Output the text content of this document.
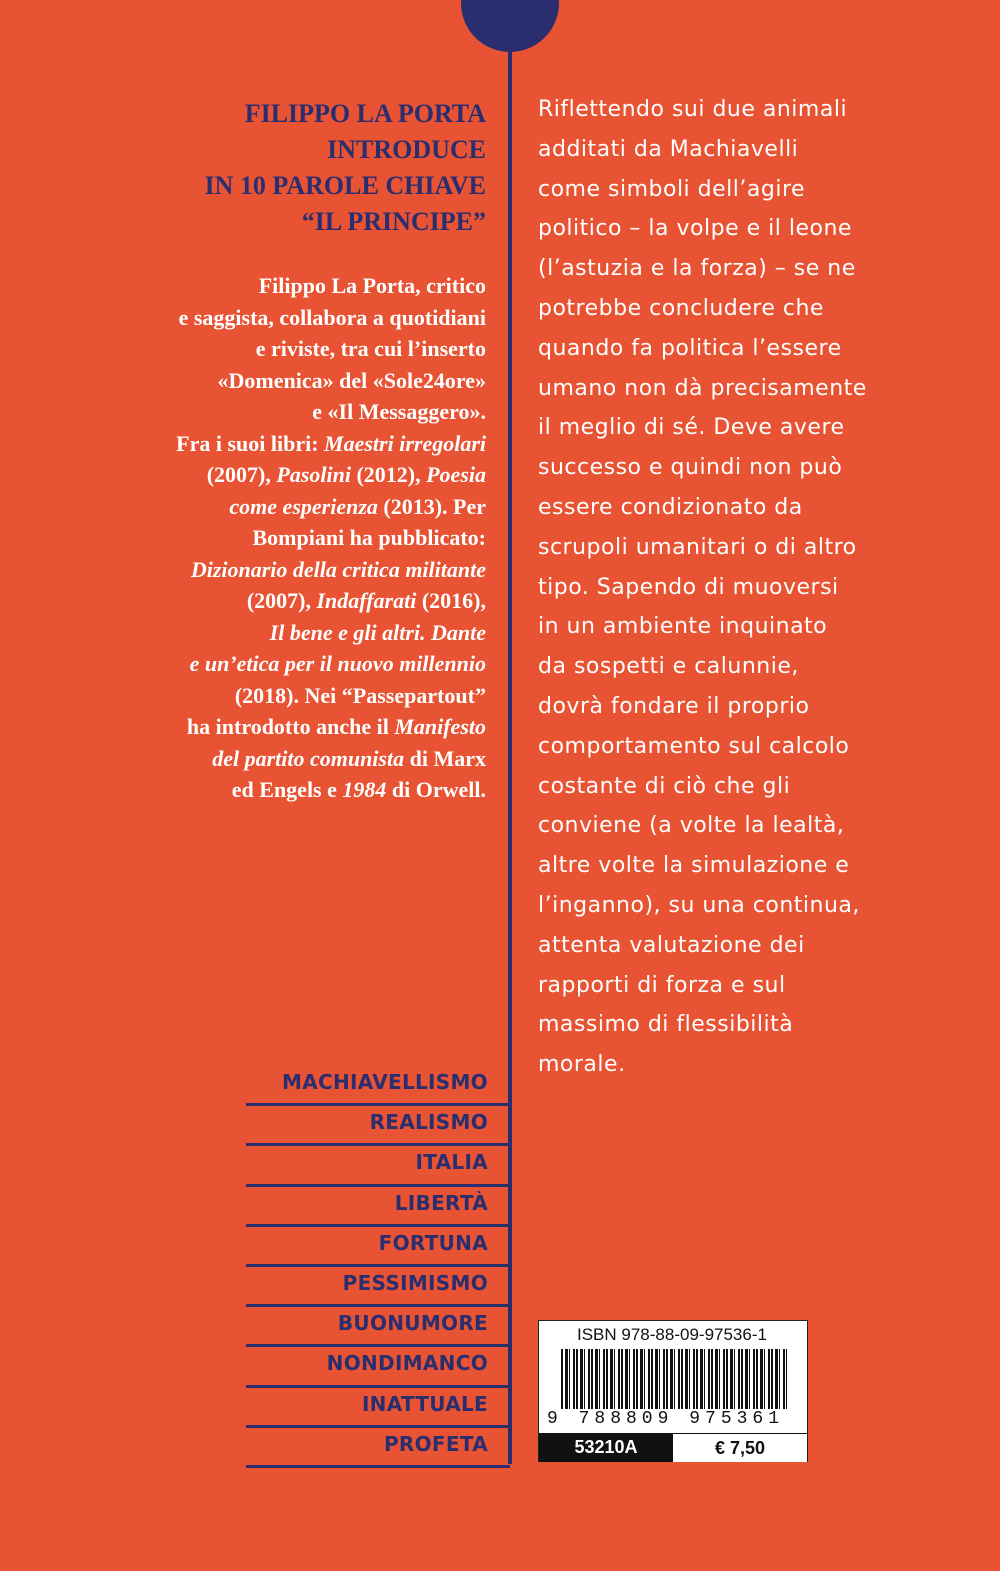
FILIPPO LA PORTA
INTRODUCE
IN 10 PAROLE CHIAVE
“IL PRINCIPE”
Filippo La Porta, critico
e saggista, collabora a quotidiani
e riviste, tra cui l’inserto
«Domenica» del «Sole24ore»
e «Il Messaggero».
Fra i suoi libri: Maestri irregolari
(2007), Pasolini (2012), Poesia
come esperienza (2013). Per
Bompiani ha pubblicato:
Dizionario della critica militante
(2007), Indaffarati (2016),
Il bene e gli altri. Dante
e un’etica per il nuovo millennio
(2018). Nei “Passepartout”
ha introdotto anche il Manifesto
del partito comunista di Marx
ed Engels e 1984 di Orwell.
Riflettendo sui due animali
additati da Machiavelli
come simboli dell’agire
politico – la volpe e il leone
(l’astuzia e la forza) – se ne
potrebbe concludere che
quando fa politica l’essere
umano non dà precisamente
il meglio di sé. Deve avere
successo e quindi non può
essere condizionato da
scrupoli umanitari o di altro
tipo. Sapendo di muoversi
in un ambiente inquinato
da sospetti e calunnie,
dovrà fondare il proprio
comportamento sul calcolo
costante di ciò che gli
conviene (a volte la lealtà,
altre volte la simulazione e
l’inganno), su una continua,
attenta valutazione dei
rapporti di forza e sul
massimo di flessibilità
morale.
MACHIAVELLISMO
REALISMO
ITALIA
LIBERTÀ
FORTUNA
PESSIMISMO
BUONUMORE
NONDIMANCO
INATTUALE
PROFETA
ISBN 978-88-09-97536-1
9 788809 975361
53210A	€ 7,50
